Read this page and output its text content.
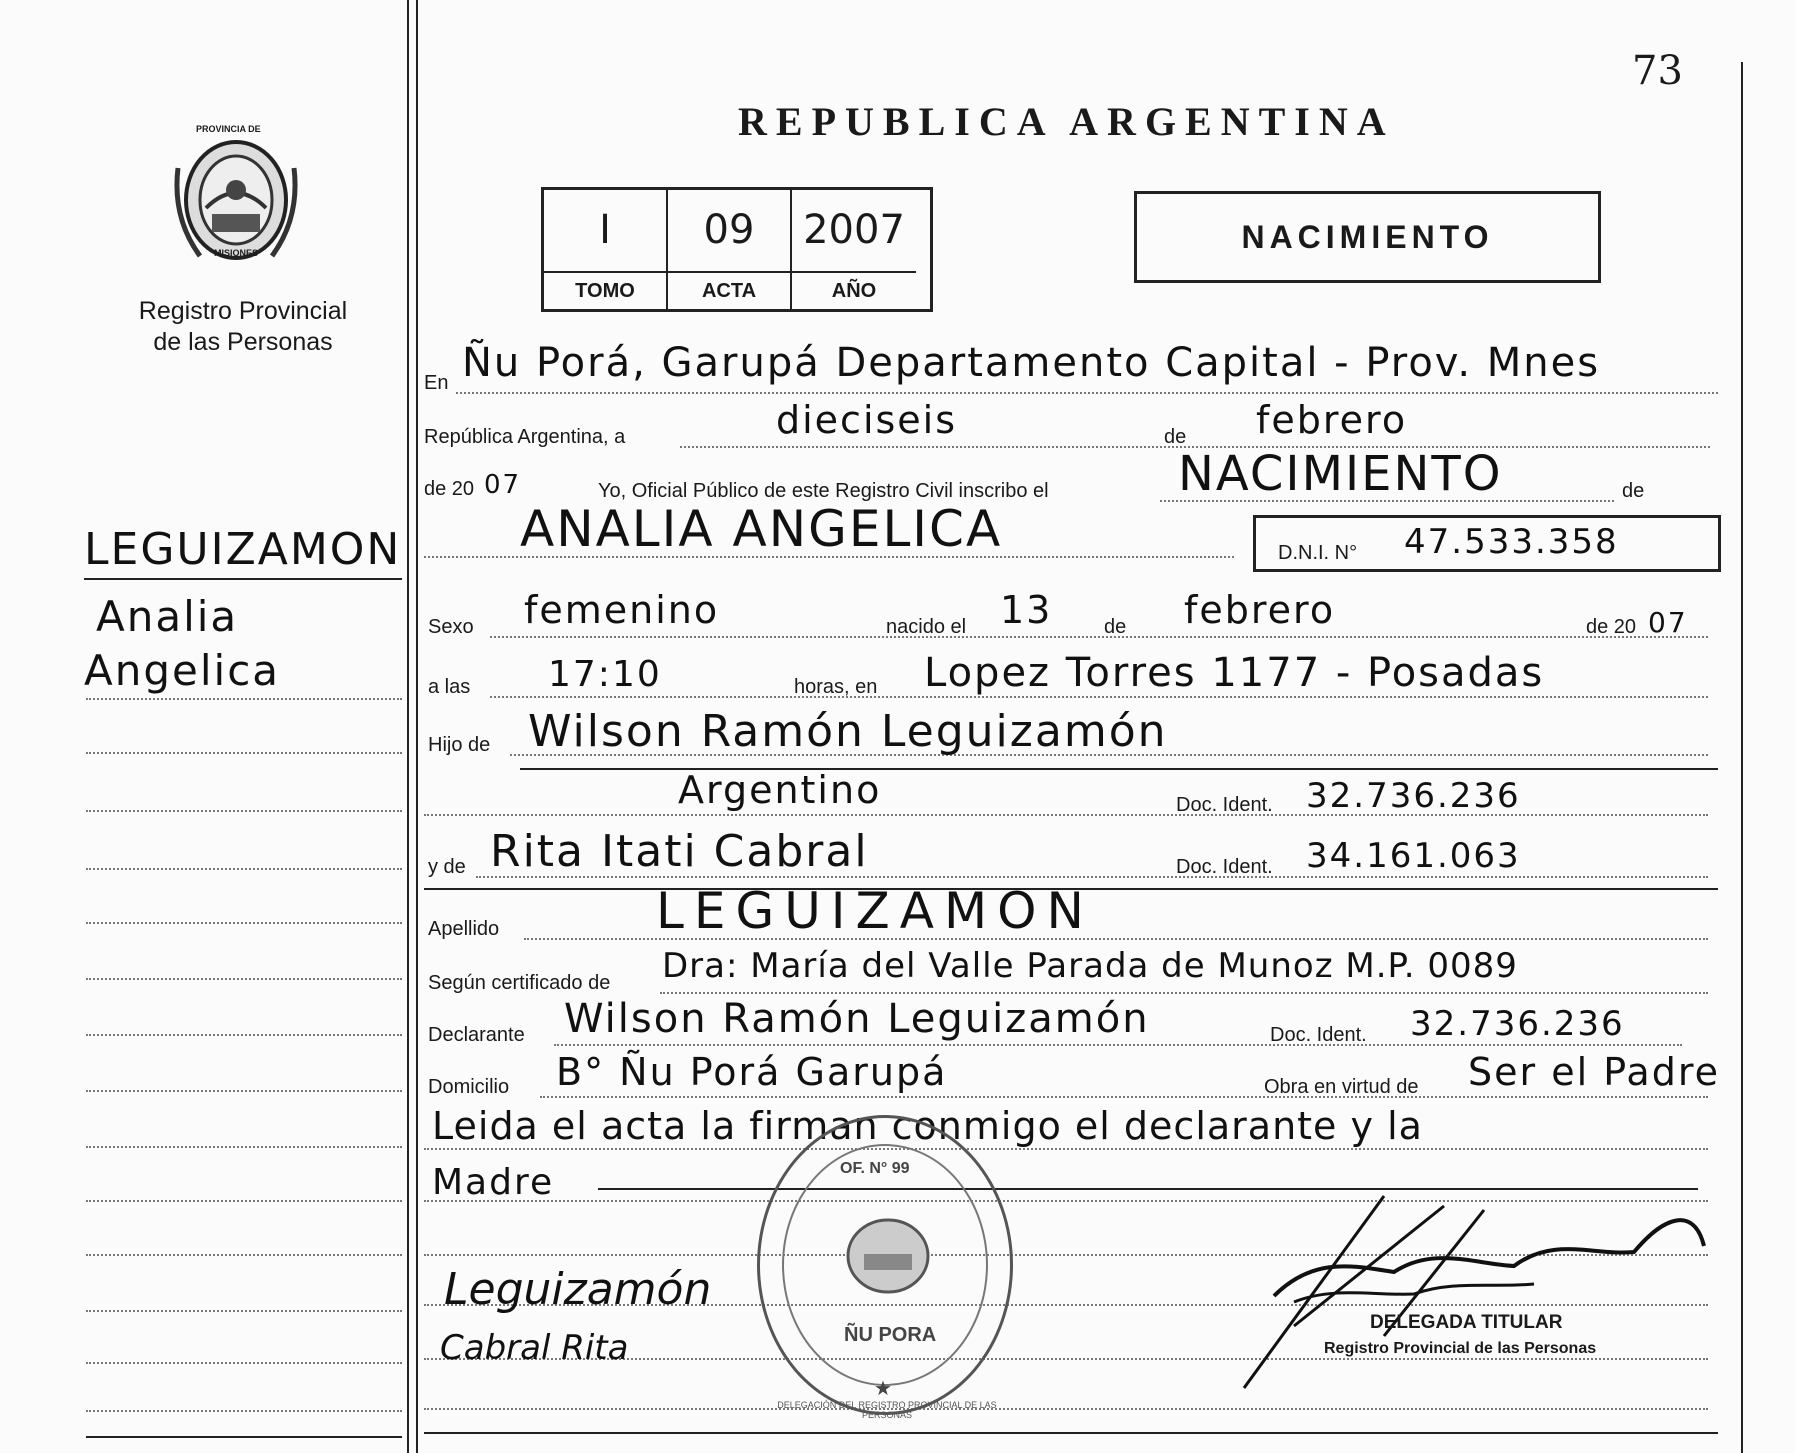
73
PROVINCIA DE
MISIONES
Registro Provincial
de las Personas
REPUBLICA ARGENTINA
I	09	2007
TOMO	ACTA	AÑO
NACIMIENTO
LEGUIZAMON
Analia
Angelica
En Ñu Porá, Garupá Departamento Capital - Prov. Mnes
República Argentina, a	dieciseis	de febrero
de 20 07	Yo, Oficial Público de este Registro Civil inscribo el	NACIMIENTO	de
ANALIA ANGELICA	D.N.I. N° 47.533.358
Sexo femenino	nacido el 13	de febrero	de 20 07
a las 17:10	horas, en Lopez Torres 1177 - Posadas
Hijo de Wilson Ramón Leguizamón
Argentino	Doc. Ident. 32.736.236
y de Rita Itati Cabral	Doc. Ident. 34.161.063
Apellido	LEGUIZAMON
Según certificado de Dra: María del Valle Parada de Munoz M.P. 0089
Declarante Wilson Ramón Leguizamón	Doc. Ident. 32.736.236
Domicilio B° Ñu Porá Garupá	Obra en virtud de Ser el Padre
Leida el acta la firman conmigo el declarante y la
Madre
Leguizamón
Cabral Rita
OF. N° 99
ÑU PORA
DELEGACIÓN DEL REGISTRO PROVINCIAL DE LAS PERSONAS
★
DELEGADA TITULAR
Registro Provincial de las Personas
